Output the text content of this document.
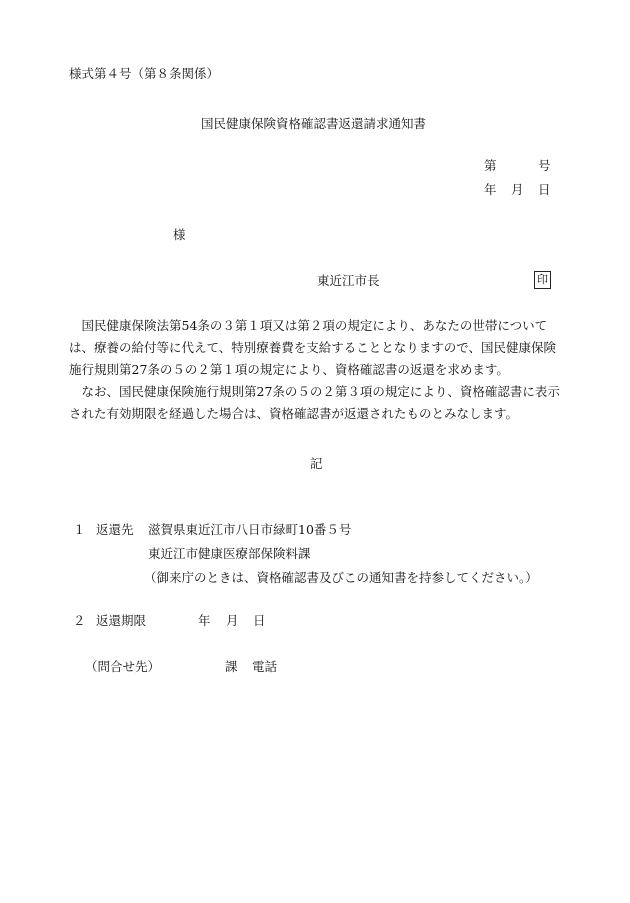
様式第４号（第８条関係）
国民健康保険資格確認書返還請求通知書
第	号
年 月 日
様
東近江市長	印

国民健康保険法第54条の３第１項又は第２項の規定により、あなたの世帯については、療養の給付等に代えて、特別療養費を支給することとなりますので、国民健康保険施行規則第27条の５の２第１項の規定により、資格確認書の返還を求めます。

なお、国民健康保険施行規則第27条の５の２第３項の規定により、資格確認書に表示された有効期限を経過した場合は、資格確認書が返還されたものとみなします。

記
１ 返還先 滋賀県東近江市八日市緑町10番５号
東近江市健康医療部保険料課
（御来庁のときは、資格確認書及びこの通知書を持参してください。）
２ 返還期限	年 月 日
（問合せ先）	課 電話
